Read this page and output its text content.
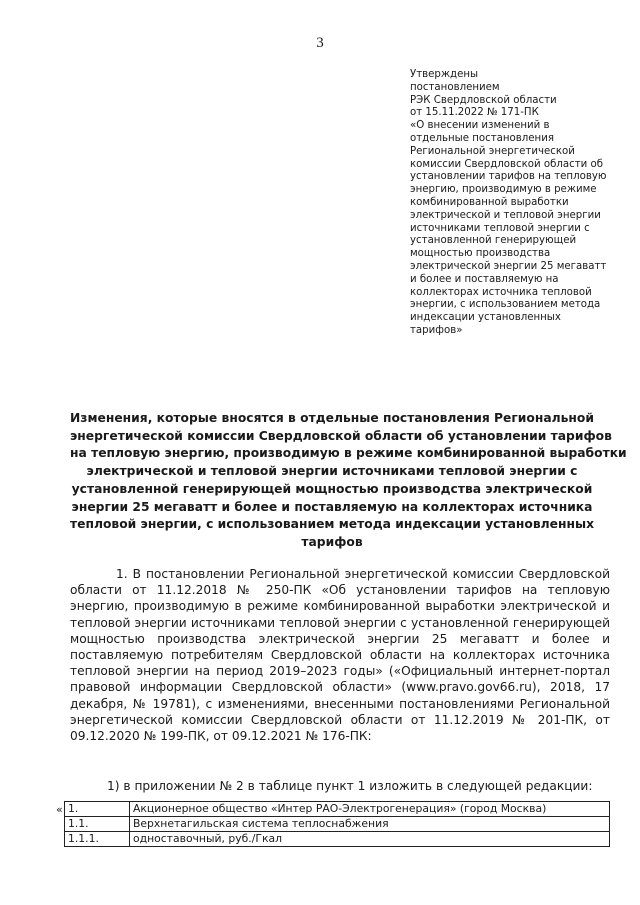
3
Утверждены
постановлением
РЭК Свердловской области
от 15.11.2022 № 171-ПК
«О внесении изменений в
отдельные постановления
Региональной энергетической
комиссии Свердловской области об
установлении тарифов на тепловую
энергию, производимую в режиме
комбинированной выработки
электрической и тепловой энергии
источниками тепловой энергии с
установленной генерирующей
мощностью производства
электрической энергии 25 мегаватт
и более и поставляемую на
коллекторах источника тепловой
энергии, с использованием метода
индексации установленных
тарифов»
Изменения, которые вносятся в отдельные постановления Региональной
энергетической комиссии Свердловской области об установлении тарифов
на тепловую энергию, производимую в режиме комбинированной выработки
электрической и тепловой энергии источниками тепловой энергии с
установленной генерирующей мощностью производства электрической
энергии 25 мегаватт и более и поставляемую на коллекторах источника
тепловой энергии, с использованием метода индексации установленных
тарифов
1. В постановлении Региональной энергетической комиссии Свердловской
области от 11.12.2018 № 250-ПК «Об установлении тарифов на тепловую
энергию, производимую в режиме комбинированной выработки электрической и
тепловой энергии источниками тепловой энергии с установленной генерирующей
мощностью производства электрической энергии 25 мегаватт и более и
поставляемую потребителям Свердловской области на коллекторах источника
тепловой энергии на период 2019–2023 годы» («Официальный интернет-портал
правовой информации Свердловской области» (www.pravo.gov66.ru), 2018, 17
декабря, № 19781), с изменениями, внесенными постановлениями Региональной
энергетической комиссии Свердловской области от 11.12.2019 № 201-ПК, от
09.12.2020 № 199-ПК, от 09.12.2021 № 176-ПК:
1) в приложении № 2 в таблице пункт 1 изложить в следующей редакции:
« 1.	Акционерное общество «Интер РАО-Электрогенерация» (город Москва)
1.1.	Верхнетагильская система теплоснабжения
1.1.1.	одноставочный, руб./Гкал
